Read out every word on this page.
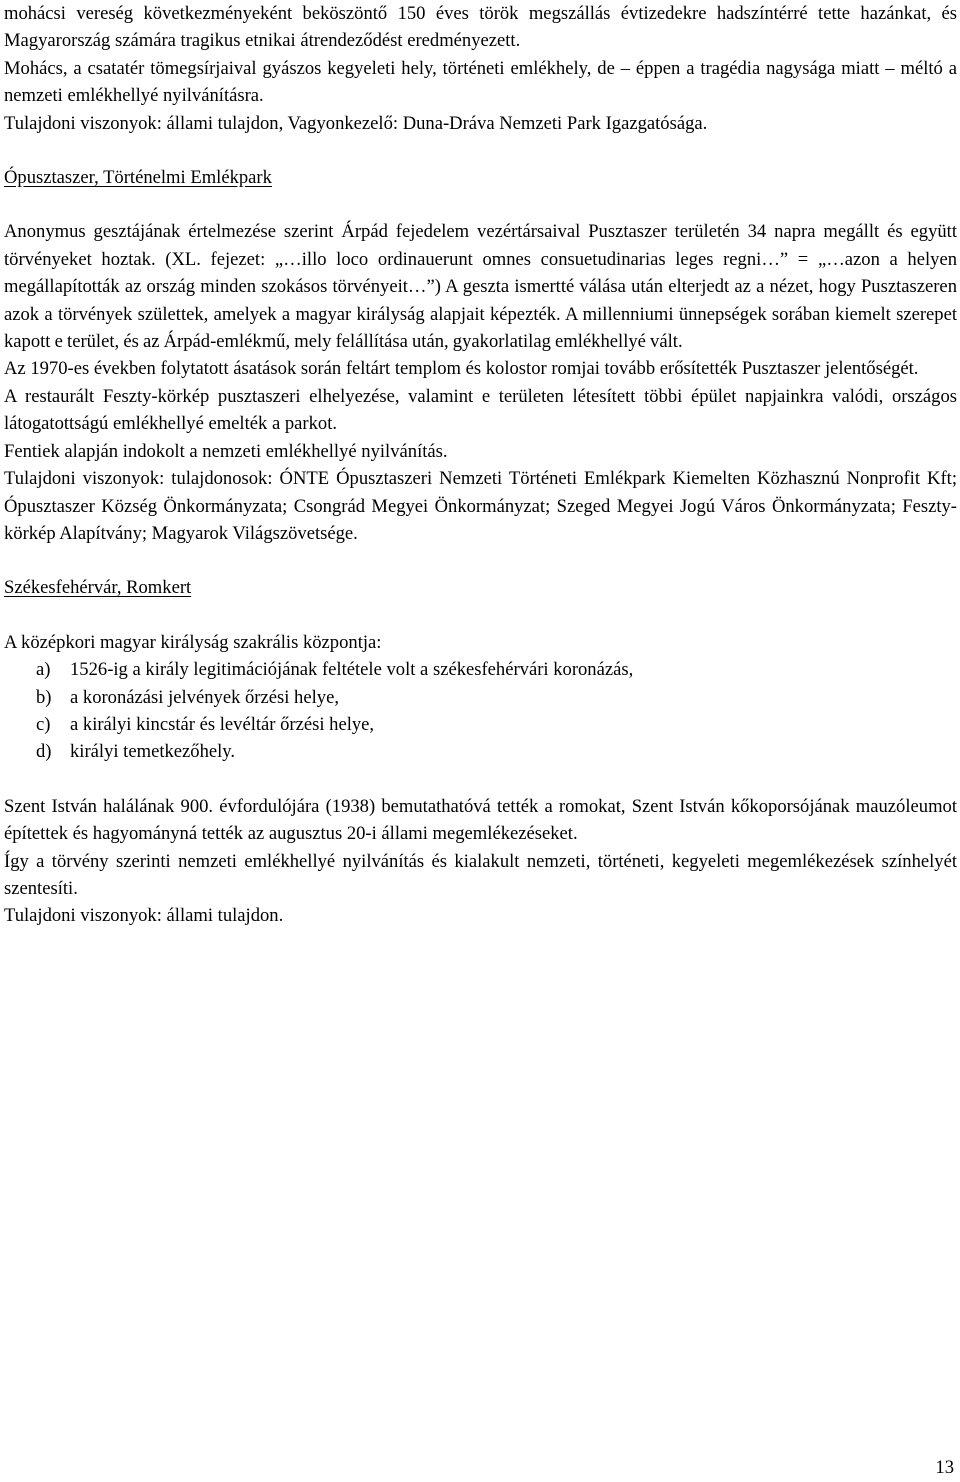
mohácsi vereség következményeként beköszöntő 150 éves török megszállás évtizedekre hadszíntérré tette hazánkat, és Magyarország számára tragikus etnikai átrendeződést eredményezett.

Mohács, a csatatér tömegsírjaival gyászos kegyeleti hely, történeti emlékhely, de – éppen a tragédia nagysága miatt – méltó a nemzeti emlékhellyé nyilvánításra.

Tulajdoni viszonyok: állami tulajdon, Vagyonkezelő: Duna-Dráva Nemzeti Park Igazgatósága.

Ópusztaszer, Történelmi Emlékpark

Anonymus gesztájának értelmezése szerint Árpád fejedelem vezértársaival Pusztaszer területén 34 napra megállt és együtt törvényeket hoztak. (XL. fejezet: „…illo loco ordinauerunt omnes consuetudinarias leges regni…” = „…azon a helyen megállapították az ország minden szokásos törvényeit…”) A geszta ismertté válása után elterjedt az a nézet, hogy Pusztaszeren azok a törvények születtek, amelyek a magyar királyság alapjait képezték. A millenniumi ünnepségek sorában kiemelt szerepet kapott e terület, és az Árpád-emlékmű, mely felállítása után, gyakorlatilag emlékhellyé vált.

Az 1970-es években folytatott ásatások során feltárt templom és kolostor romjai tovább erősítették Pusztaszer jelentőségét.

A restaurált Feszty-körkép pusztaszeri elhelyezése, valamint e területen létesített többi épület napjainkra valódi, országos látogatottságú emlékhellyé emelték a parkot.

Fentiek alapján indokolt a nemzeti emlékhellyé nyilvánítás.

Tulajdoni viszonyok: tulajdonosok: ÓNTE Ópusztaszeri Nemzeti Történeti Emlékpark Kiemelten Közhasznú Nonprofit Kft; Ópusztaszer Község Önkormányzata; Csongrád Megyei Önkormányzat; Szeged Megyei Jogú Város Önkormányzata; Feszty-körkép Alapítvány; Magyarok Világszövetsége.

Székesfehérvár, Romkert

A középkori magyar királyság szakrális központja:

a) 1526-ig a király legitimációjának feltétele volt a székesfehérvári koronázás,
b) a koronázási jelvények őrzési helye,
c) a királyi kincstár és levéltár őrzési helye,
d) királyi temetkezőhely.

Szent István halálának 900. évfordulójára (1938) bemutathatóvá tették a romokat, Szent István kőkoporsójának mauzóleumot építettek és hagyományná tették az augusztus 20-i állami megemlékezéseket.

Így a törvény szerinti nemzeti emlékhellyé nyilvánítás és kialakult nemzeti, történeti, kegyeleti megemlékezések színhelyét szentesíti.

Tulajdoni viszonyok: állami tulajdon.

13
